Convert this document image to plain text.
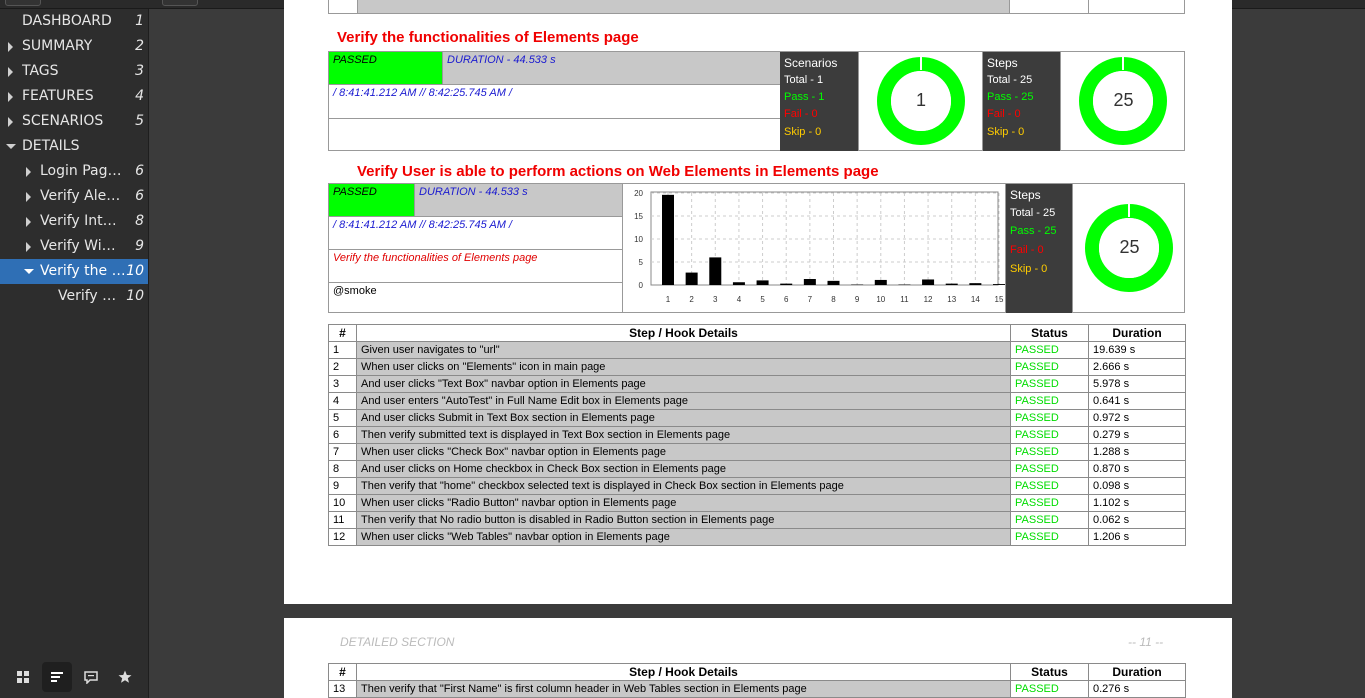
DASHBOARD 1
SUMMARY	2
TAGS	3
FEATURES	4
SCENARIOS 5
DETAILS
Login Pag… 6
Verify Ale… 6
Verify Int… 8
Verify Wi… 9
Verify the … 10
Verify … 10
Verify the functionalities of Elements page
PASSED	DURATION - 44.533 s
/ 8:41:41.212 AM // 8:42:25.745 AM /
Scenarios
Total - 1
Pass - 1
Fail - 0
Skip - 0
1
Steps
Total - 25
Pass - 25
Fail - 0
Skip - 0
25
Verify User is able to perform actions on Web Elements in Elements page
PASSED	DURATION - 44.533 s
/ 8:41:41.212 AM // 8:42:25.745 AM /
Verify the functionalities of Elements page
@smoke	0
5
10
15
20
1 2 3 4 5 6 7 8 9 10 11 12 13 14 15
Steps
Total - 25
Pass - 25
Fail - 0
Skip - 0
25
#	Step / Hook Details	Status	Duration
1	Given user navigates to "url"	PASSED	19.639 s
2	When user clicks on "Elements" icon in main page	PASSED	2.666 s
3	And user clicks "Text Box" navbar option in Elements page	PASSED	5.978 s
4	And user enters "AutoTest" in Full Name Edit box in Elements page	PASSED	0.641 s
5	And user clicks Submit in Text Box section in Elements page	PASSED	0.972 s
6	Then verify submitted text is displayed in Text Box section in Elements page	PASSED	0.279 s
7	When user clicks "Check Box" navbar option in Elements page	PASSED	1.288 s
8	And user clicks on Home checkbox in Check Box section in Elements page	PASSED	0.870 s
9	Then verify that "home" checkbox selected text is displayed in Check Box section in Elements page	PASSED	0.098 s
10	When user clicks "Radio Button" navbar option in Elements page	PASSED	1.102 s
11	Then verify that No radio button is disabled in Radio Button section in Elements page	PASSED	0.062 s
12	When user clicks "Web Tables" navbar option in Elements page	PASSED	1.206 s
DETAILED SECTION	-- 11 --
#	Step / Hook Details	Status	Duration
13	Then verify that "First Name" is first column header in Web Tables section in Elements page	PASSED	0.276 s
